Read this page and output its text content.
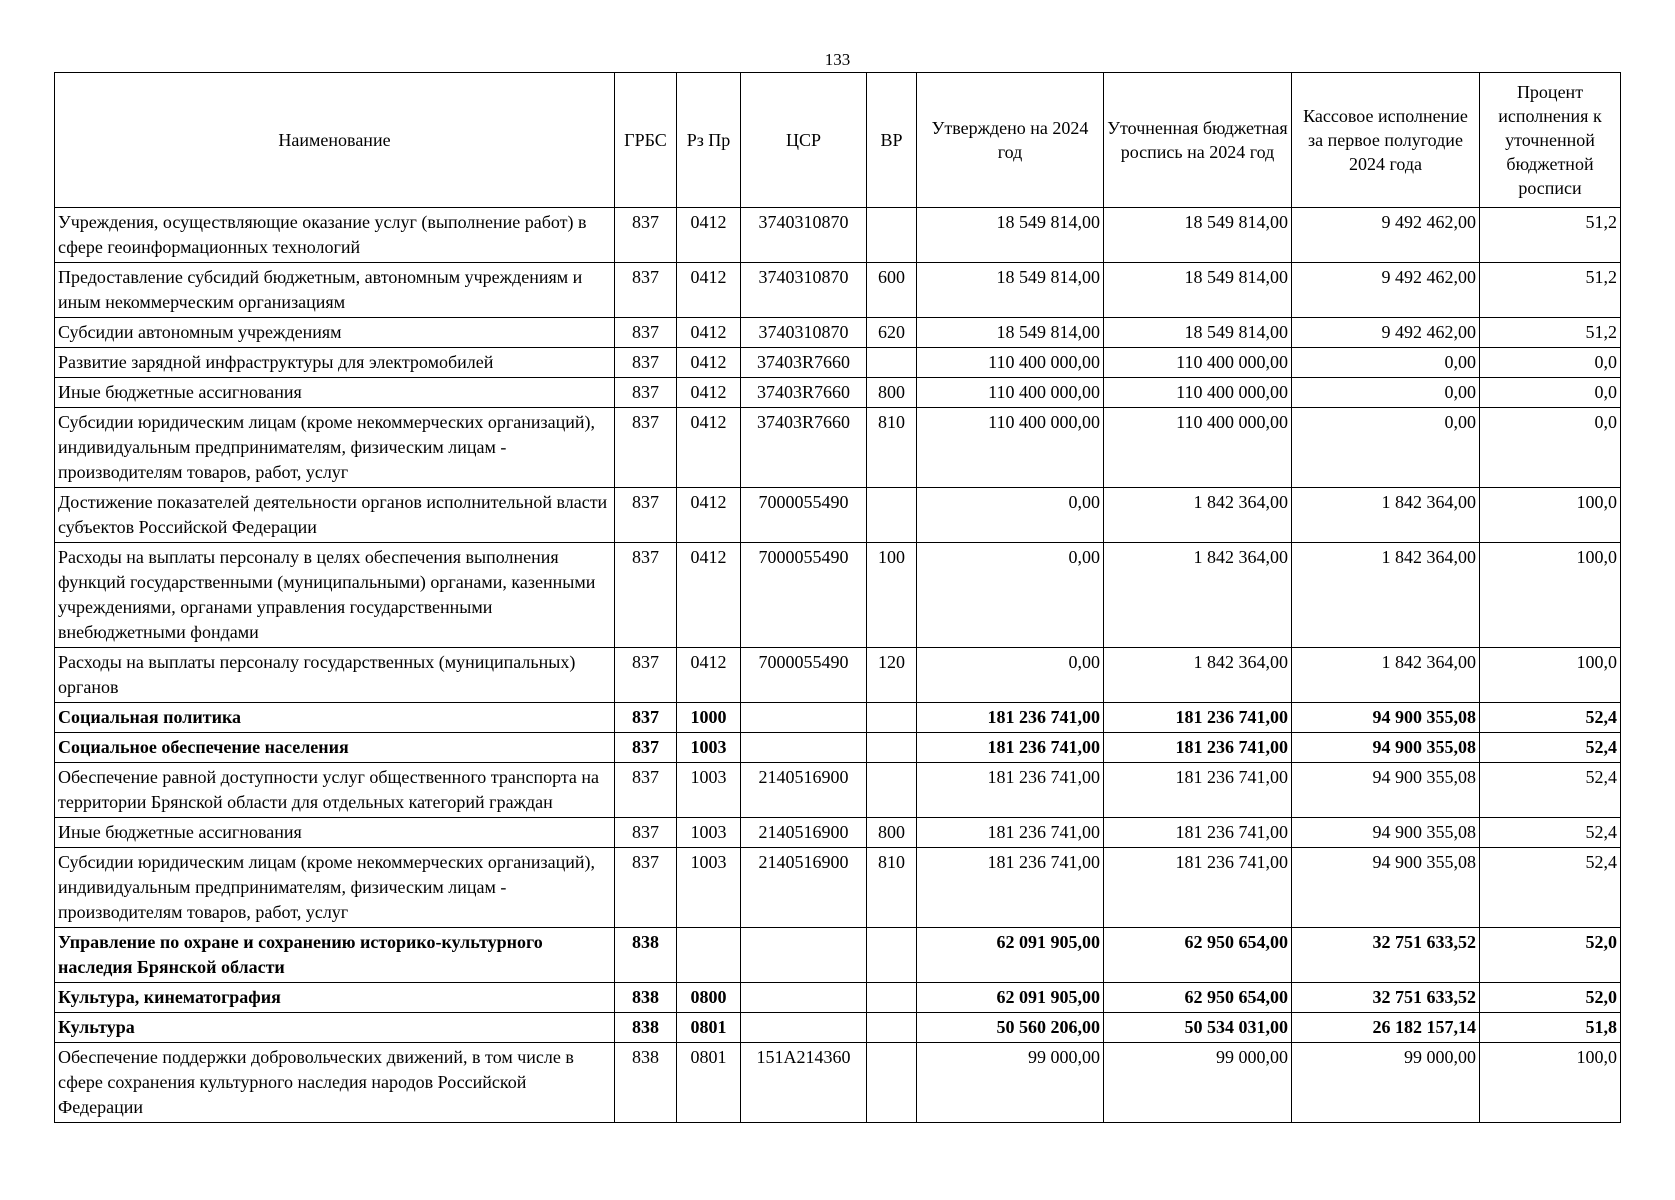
133
Наименование	ГРБС	Рз Пр	ЦСР	ВР	Утверждено на 2024 год	Уточненная бюджетная роспись на 2024 год	Кассовое исполнение за первое полугодие 2024 года	Процент исполнения к уточненной бюджетной росписи
Учреждения, осуществляющие оказание услуг (выполнение работ) в сфере геоинформационных технологий	837	0412	3740310870		18 549 814,00	18 549 814,00	9 492 462,00	51,2
Предоставление субсидий бюджетным, автономным учреждениям и иным некоммерческим организациям	837	0412	3740310870	600	18 549 814,00	18 549 814,00	9 492 462,00	51,2
Субсидии автономным учреждениям	837	0412	3740310870	620	18 549 814,00	18 549 814,00	9 492 462,00	51,2
Развитие зарядной инфраструктуры для электромобилей	837	0412	37403R7660		110 400 000,00	110 400 000,00	0,00	0,0
Иные бюджетные ассигнования	837	0412	37403R7660	800	110 400 000,00	110 400 000,00	0,00	0,0
Субсидии юридическим лицам (кроме некоммерческих организаций), индивидуальным предпринимателям, физическим лицам - производителям товаров, работ, услуг	837	0412	37403R7660	810	110 400 000,00	110 400 000,00	0,00	0,0
Достижение показателей деятельности органов исполнительной власти субъектов Российской Федерации	837	0412	7000055490		0,00	1 842 364,00	1 842 364,00	100,0
Расходы на выплаты персоналу в целях обеспечения выполнения функций государственными (муниципальными) органами, казенными учреждениями, органами управления государственными внебюджетными фондами	837	0412	7000055490	100	0,00	1 842 364,00	1 842 364,00	100,0
Расходы на выплаты персоналу государственных (муниципальных) органов	837	0412	7000055490	120	0,00	1 842 364,00	1 842 364,00	100,0
Социальная политика	837	1000			181 236 741,00	181 236 741,00	94 900 355,08	52,4
Социальное обеспечение населения	837	1003			181 236 741,00	181 236 741,00	94 900 355,08	52,4
Обеспечение равной доступности услуг общественного транспорта на территории Брянской области для отдельных категорий граждан	837	1003	2140516900		181 236 741,00	181 236 741,00	94 900 355,08	52,4
Иные бюджетные ассигнования	837	1003	2140516900	800	181 236 741,00	181 236 741,00	94 900 355,08	52,4
Субсидии юридическим лицам (кроме некоммерческих организаций), индивидуальным предпринимателям, физическим лицам - производителям товаров, работ, услуг	837	1003	2140516900	810	181 236 741,00	181 236 741,00	94 900 355,08	52,4
Управление по охране и сохранению историко-культурного наследия Брянской области	838				62 091 905,00	62 950 654,00	32 751 633,52	52,0
Культура, кинематография	838	0800			62 091 905,00	62 950 654,00	32 751 633,52	52,0
Культура	838	0801			50 560 206,00	50 534 031,00	26 182 157,14	51,8
Обеспечение поддержки добровольческих движений, в том числе в сфере сохранения культурного наследия народов Российской Федерации	838	0801	151A214360		99 000,00	99 000,00	99 000,00	100,0
